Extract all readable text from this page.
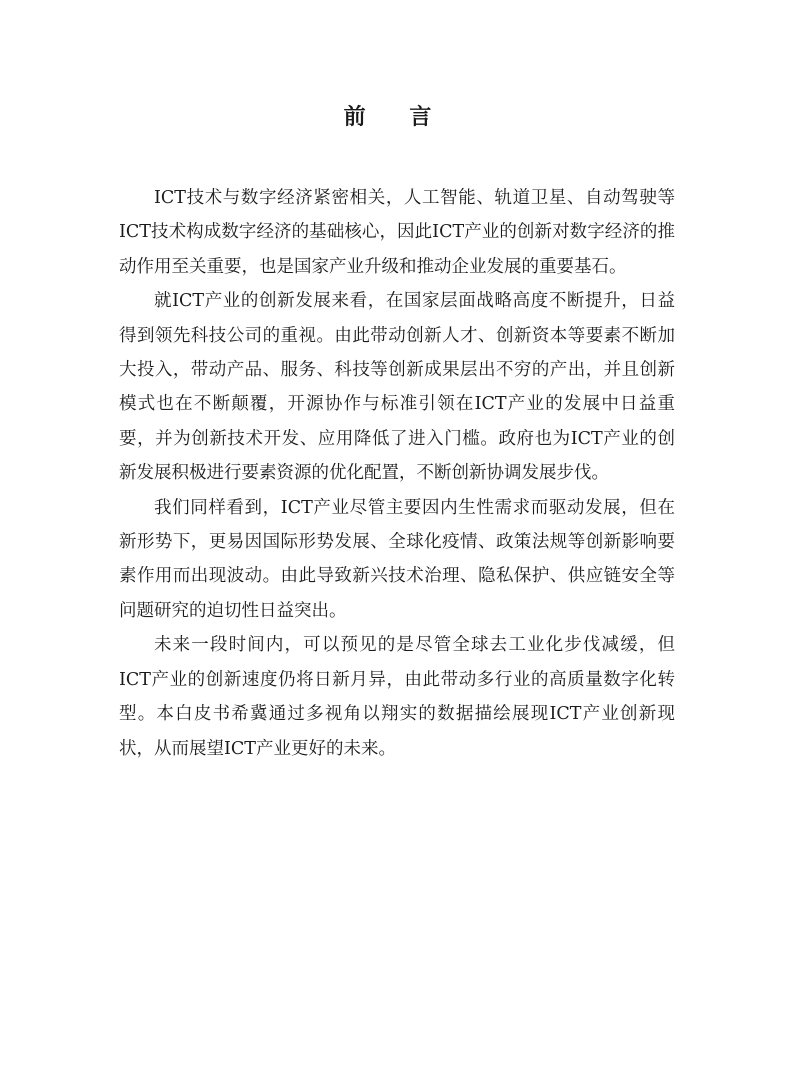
前 言

ICT技术与数字经济紧密相关，人工智能、轨道卫星、自动驾驶等ICT技术构成数字经济的基础核心，因此ICT产业的创新对数字经济的推动作用至关重要，也是国家产业升级和推动企业发展的重要基石。

就ICT产业的创新发展来看，在国家层面战略高度不断提升，日益得到领先科技公司的重视。由此带动创新人才、创新资本等要素不断加大投入，带动产品、服务、科技等创新成果层出不穷的产出，并且创新模式也在不断颠覆，开源协作与标准引领在ICT产业的发展中日益重要，并为创新技术开发、应用降低了进入门槛。政府也为ICT产业的创新发展积极进行要素资源的优化配置，不断创新协调发展步伐。

我们同样看到，ICT产业尽管主要因内生性需求而驱动发展，但在新形势下，更易因国际形势发展、全球化疫情、政策法规等创新影响要素作用而出现波动。由此导致新兴技术治理、隐私保护、供应链安全等问题研究的迫切性日益突出。

未来一段时间内，可以预见的是尽管全球去工业化步伐减缓，但ICT产业的创新速度仍将日新月异，由此带动多行业的高质量数字化转型。本白皮书希冀通过多视角以翔实的数据描绘展现ICT产业创新现状，从而展望ICT产业更好的未来。
